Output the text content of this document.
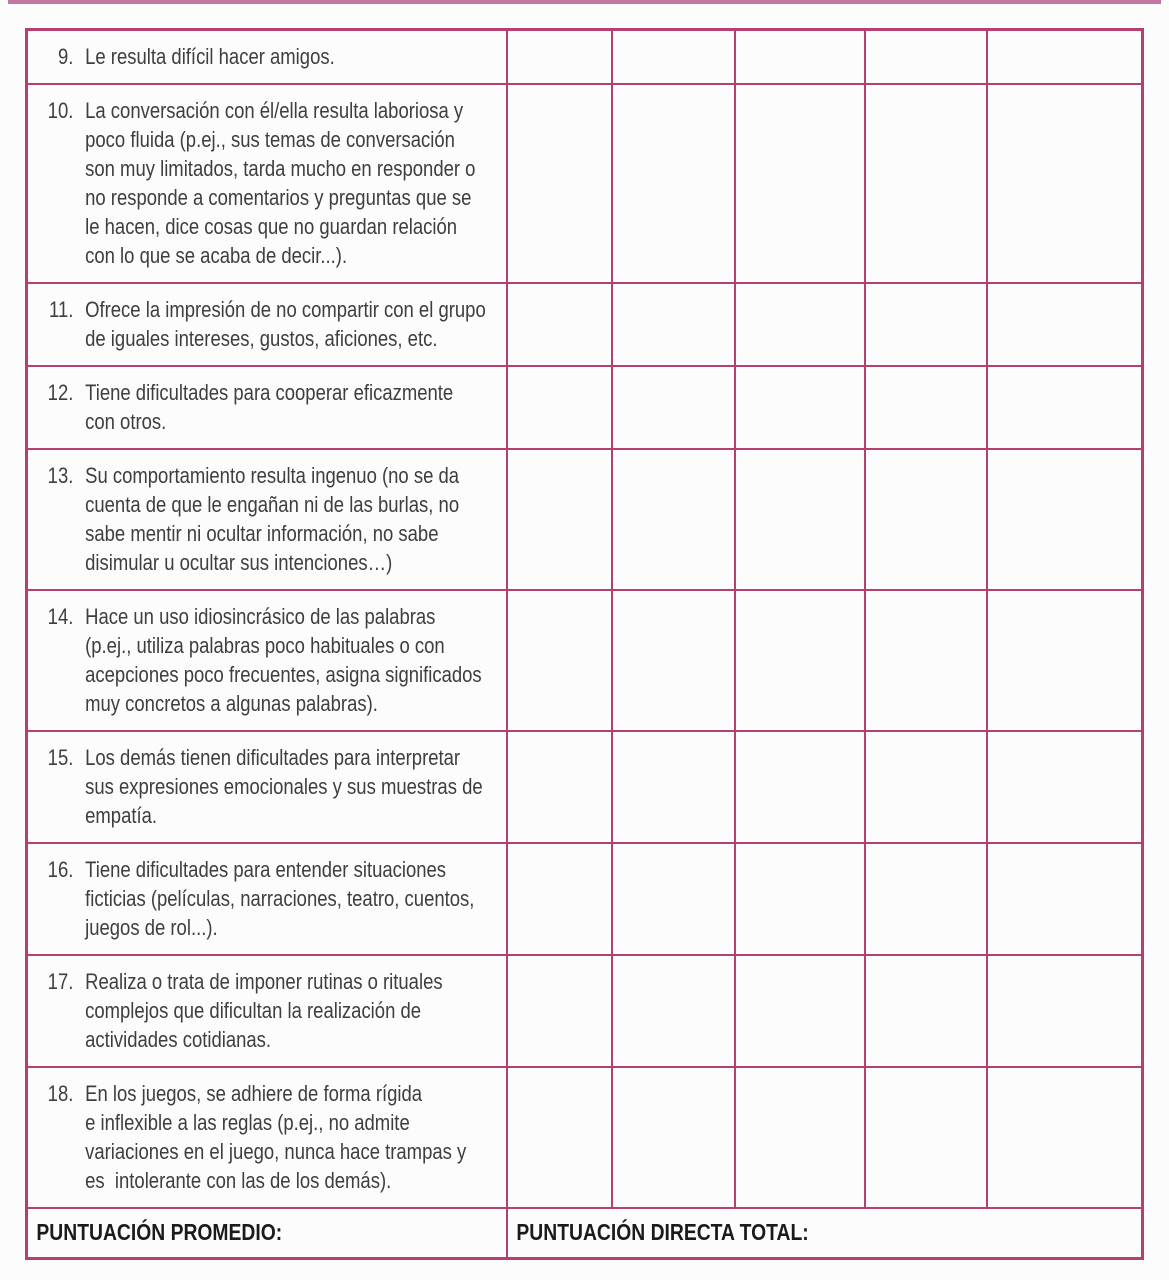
9. Le resulta difícil hacer amigos.					

10. La conversación con él/ella resulta laboriosa y
poco fluida (p.ej., sus temas de conversación
son muy limitados, tarda mucho en responder o
no responde a comentarios y preguntas que se
le hacen, dice cosas que no guardan relación
con lo que se acaba de decir...).

11. Ofrece la impresión de no compartir con el grupo
de iguales intereses, gustos, aficiones, etc.					

12. Tiene dificultades para cooperar eficazmente
con otros.					

13. Su comportamiento resulta ingenuo (no se da
cuenta de que le engañan ni de las burlas, no
sabe mentir ni ocultar información, no sabe
disimular u ocultar sus intenciones…)					

14. Hace un uso idiosincrásico de las palabras
(p.ej., utiliza palabras poco habituales o con
acepciones poco frecuentes, asigna significados
muy concretos a algunas palabras).					

15. Los demás tienen dificultades para interpretar
sus expresiones emocionales y sus muestras de
empatía.					

16. Tiene dificultades para entender situaciones
ficticias (películas, narraciones, teatro, cuentos,
juegos de rol...).					

17. Realiza o trata de imponer rutinas o rituales
complejos que dificultan la realización de
actividades cotidianas.					

18. En los juegos, se adhiere de forma rígida
e inflexible a las reglas (p.ej., no admite
variaciones en el juego, nunca hace trampas y
es  intolerante con las de los demás).					

PUNTUACIÓN PROMEDIO:	PUNTUACIÓN DIRECTA TOTAL:				
